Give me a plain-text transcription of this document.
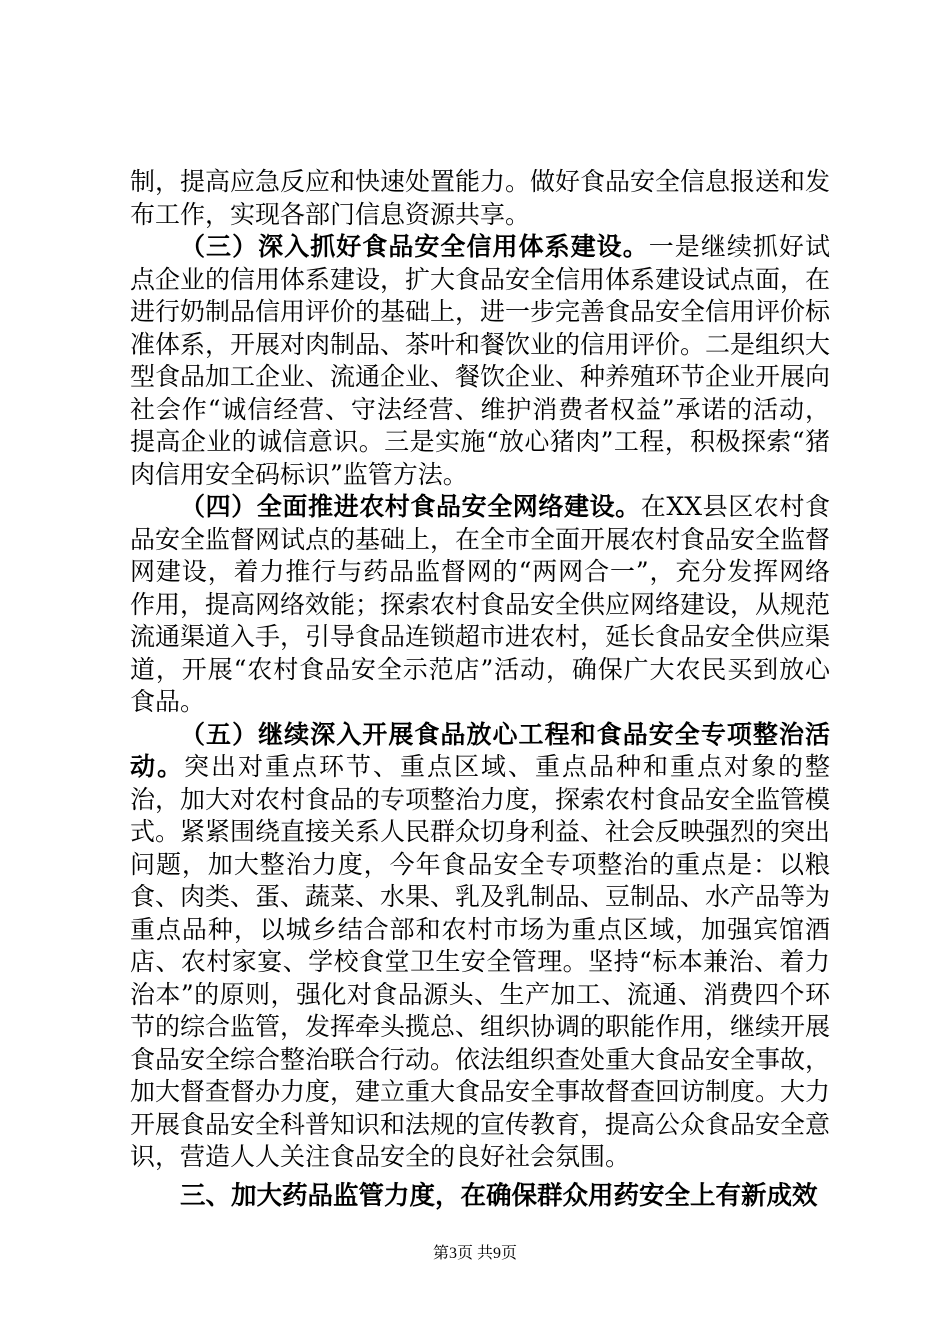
制，提高应急反应和快速处置能力。做好食品安全信息报送和发布工作，实现各部门信息资源共享。

（三）深入抓好食品安全信用体系建设。一是继续抓好试点企业的信用体系建设，扩大食品安全信用体系建设试点面，在进行奶制品信用评价的基础上，进一步完善食品安全信用评价标准体系，开展对肉制品、茶叶和餐饮业的信用评价。二是组织大型食品加工企业、流通企业、餐饮企业、种养殖环节企业开展向社会作“诚信经营、守法经营、维护消费者权益”承诺的活动，提高企业的诚信意识。三是实施“放心猪肉”工程，积极探索“猪肉信用安全码标识”监管方法。

（四）全面推进农村食品安全网络建设。在XX县区农村食品安全监督网试点的基础上，在全市全面开展农村食品安全监督网建设，着力推行与药品监督网的“两网合一”，充分发挥网络作用，提高网络效能；探索农村食品安全供应网络建设，从规范流通渠道入手，引导食品连锁超市进农村，延长食品安全供应渠道，开展“农村食品安全示范店”活动，确保广大农民买到放心食品。

（五）继续深入开展食品放心工程和食品安全专项整治活动。突出对重点环节、重点区域、重点品种和重点对象的整治，加大对农村食品的专项整治力度，探索农村食品安全监管模式。紧紧围绕直接关系人民群众切身利益、社会反映强烈的突出问题，加大整治力度，今年食品安全专项整治的重点是：以粮食、肉类、蛋、蔬菜、水果、乳及乳制品、豆制品、水产品等为重点品种，以城乡结合部和农村市场为重点区域，加强宾馆酒店、农村家宴、学校食堂卫生安全管理。坚持“标本兼治、着力治本”的原则，强化对食品源头、生产加工、流通、消费四个环节的综合监管，发挥牵头揽总、组织协调的职能作用，继续开展食品安全综合整治联合行动。依法组织查处重大食品安全事故，加大督查督办力度，建立重大食品安全事故督查回访制度。大力开展食品安全科普知识和法规的宣传教育，提高公众食品安全意识，营造人人关注食品安全的良好社会氛围。

三、加大药品监管力度，在确保群众用药安全上有新成效

第3页 共9页
